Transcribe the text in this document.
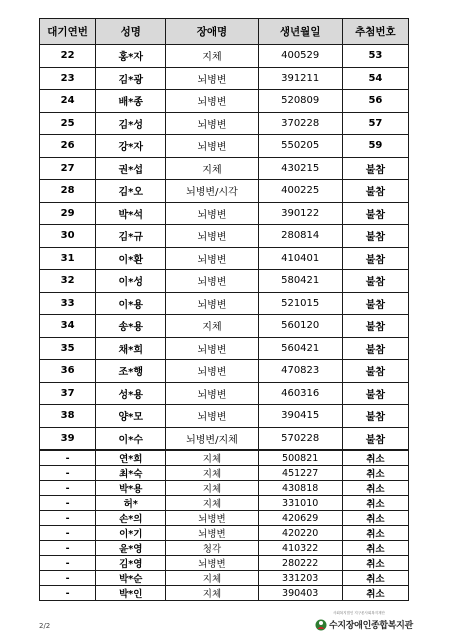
대기연번	성명	장애명	생년월일	추첨번호
22	홍*자	지체	400529	53
23	김*광	뇌병변	391211	54
24	배*종	뇌병변	520809	56
25	김*성	뇌병변	370228	57
26	강*자	뇌병변	550205	59
27	권*섭	지체	430215	불참
28	김*오	뇌병변/시각	400225	불참
29	박*석	뇌병변	390122	불참
30	김*규	뇌병변	280814	불참
31	이*환	뇌병변	410401	불참
32	이*성	뇌병변	580421	불참
33	이*용	뇌병변	521015	불참
34	송*용	지체	560120	불참
35	채*희	뇌병변	560421	불참
36	조*행	뇌병변	470823	불참
37	성*용	뇌병변	460316	불참
38	양*모	뇌병변	390415	불참
39	이*수	뇌병변/지체	570228	불참
-	연*희	지체	500821	취소
-	최*숙	지체	451227	취소
-	박*용	지체	430818	취소
-	허*	지체	331010	취소
-	손*의	뇌병변	420629	취소
-	이*기	뇌병변	420220	취소
-	윤*영	청각	410322	취소
-	김*영	뇌병변	280222	취소
-	박*순	지체	331203	취소
-	박*인	지체	390403	취소
2/2
사회복지법인 지구촌사회복지재단
수지장애인종합복지관
